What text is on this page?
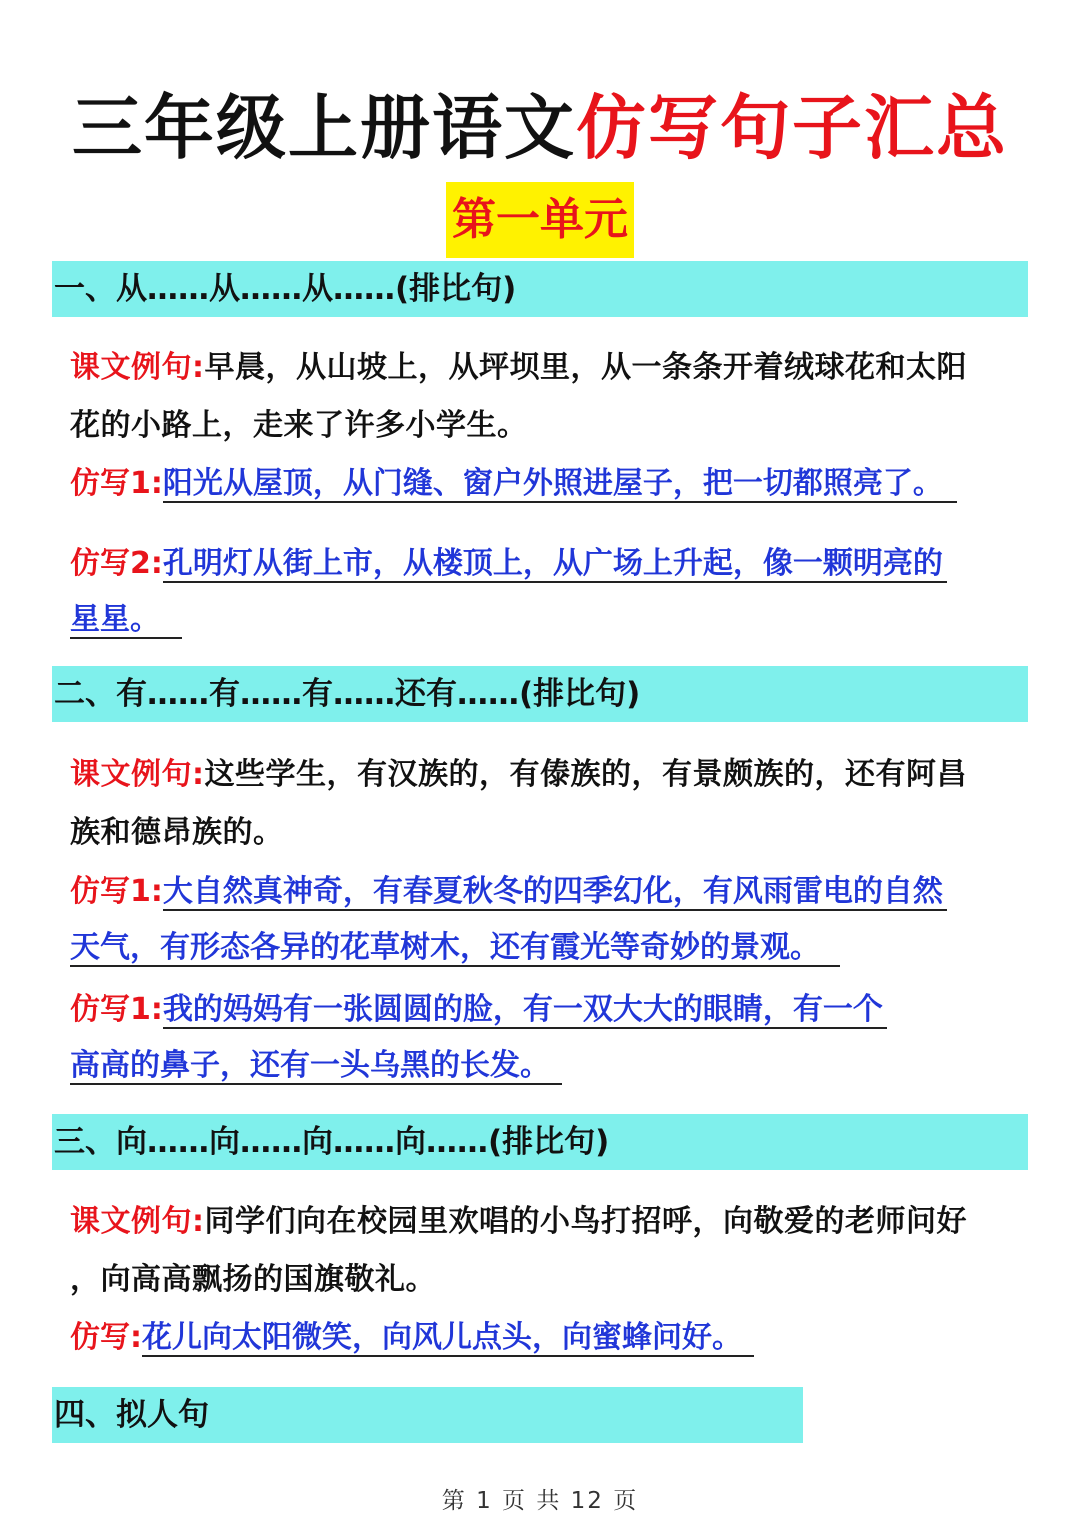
三年级上册语文仿写句子汇总
第一单元
一、从……从……从……(排比句)
课文例句:早晨，从山坡上，从坪坝里，从一条条开着绒球花和太阳
花的小路上，走来了许多小学生。
仿写1:阳光从屋顶，从门缝、窗户外照进屋子，把一切都照亮了。
仿写2:孔明灯从街上市，从楼顶上，从广场上升起，像一颗明亮的
星星。
二、有……有……有……还有……(排比句)
课文例句:这些学生，有汉族的，有傣族的，有景颇族的，还有阿昌
族和德昂族的。
仿写1:大自然真神奇，有春夏秋冬的四季幻化，有风雨雷电的自然
天气，有形态各异的花草树木，还有霞光等奇妙的景观。
仿写1:我的妈妈有一张圆圆的脸，有一双大大的眼睛，有一个
高高的鼻子，还有一头乌黑的长发。
三、向……向……向……向……(排比句)
课文例句:同学们向在校园里欢唱的小鸟打招呼，向敬爱的老师问好
，向高高飘扬的国旗敬礼。
仿写:花儿向太阳微笑，向风儿点头，向蜜蜂问好。
四、拟人句
第 1 页 共 12 页
